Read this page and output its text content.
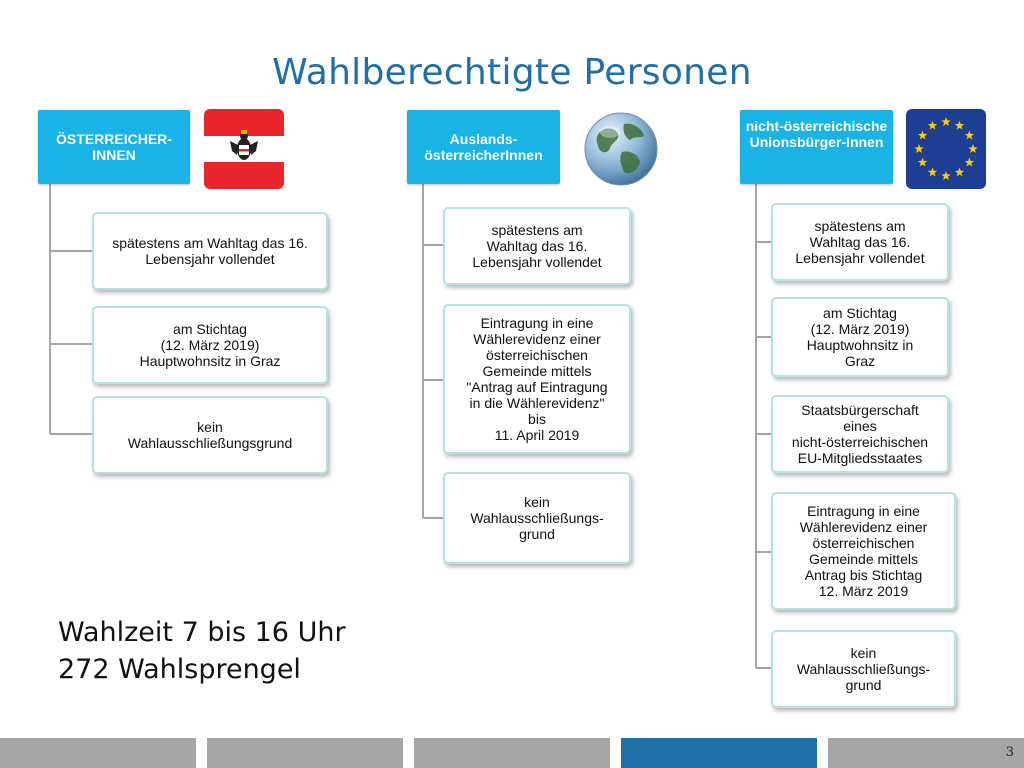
Wahlberechtigte Personen
ÖSTERREICHER-INNEN
spätestens am Wahltag das 16. Lebensjahr vollendet
am Stichtag
(12. März 2019)
Hauptwohnsitz in Graz
kein
Wahlausschließungsgrund
Auslands-österreicherInnen
spätestens am
Wahltag das 16.
Lebensjahr vollendet
Eintragung in eine
Wählerevidenz einer
österreichischen
Gemeinde mittels
"Antrag auf Eintragung
in die Wählerevidenz"
bis
11. April 2019
kein
Wahlausschließungs-
grund
nicht-österreichische Unionsbürger-Innen
spätestens am
Wahltag das 16.
Lebensjahr vollendet
am Stichtag
(12. März 2019)
Hauptwohnsitz in
Graz
Staatsbürgerschaft
eines
nicht-österreichischen
EU-Mitgliedsstaates
Eintragung in eine
Wählerevidenz einer
österreichischen
Gemeinde mittels
Antrag bis Stichtag
12. März 2019
kein
Wahlausschließungs-
grund
Wahlzeit 7 bis 16 Uhr
272 Wahlsprengel
3
